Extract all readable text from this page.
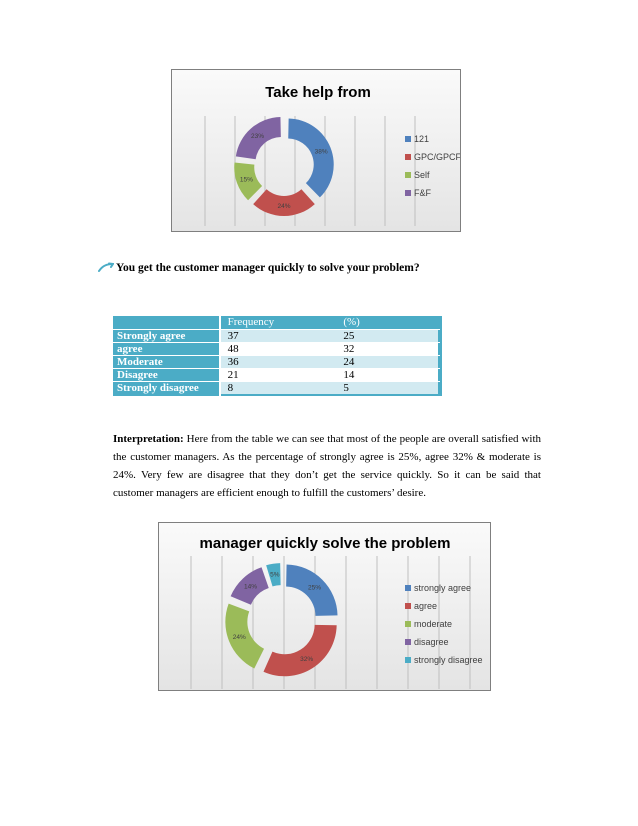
Take help from
38%
24%
15%
23%	121
GPC/GPCF
Self
F&F
You get the customer manager quickly to solve your problem?
		Frequency	(%)	
Strongly agree		37	25	
agree		48	32	
Moderate		36	24	
Disagree		21	14	
Strongly disagree		8	5	
Interpretation: Here from the table we can see that most of the people are overall satisfied with the customer managers. As the percentage of strongly agree is 25%, agree 32% & moderate is 24%. Very few are disagree that they don’t get the service quickly. So it can be said that customer managers are efficient enough to fulfill the customers’ desire.
manager quickly solve the problem
25%
32%
24%
14%
5%
strongly agree
agree
moderate
disagree
strongly disagree
